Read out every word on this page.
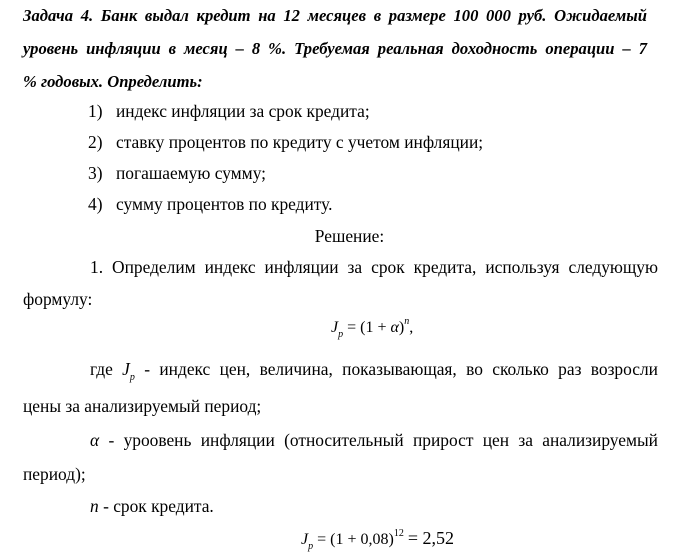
Задача 4. Банк выдал кредит на 12 месяцев в размере 100 000 руб. Ожидаемый
уровень инфляции в месяц – 8 %. Требуемая реальная доходность операции – 7
% годовых. Определить:
1) индекс инфляции за срок кредита;
2) ставку процентов по кредиту с учетом инфляции;
3) погашаемую сумму;
4) сумму процентов по кредиту.
Решение:
1. Определим индекс инфляции за срок кредита, используя следующую
формулу:
$J_p = (1 + \alpha)^n$,
где $J_p$ - индекс цен, величина, показывающая, во сколько раз возросли
цены за анализируемый период;
α - уроовень инфляции (относительный прирост цен за анализируемый
период);
n - срок кредита.
$J_p = (1 + 0,08)^{12} = 2,52$
